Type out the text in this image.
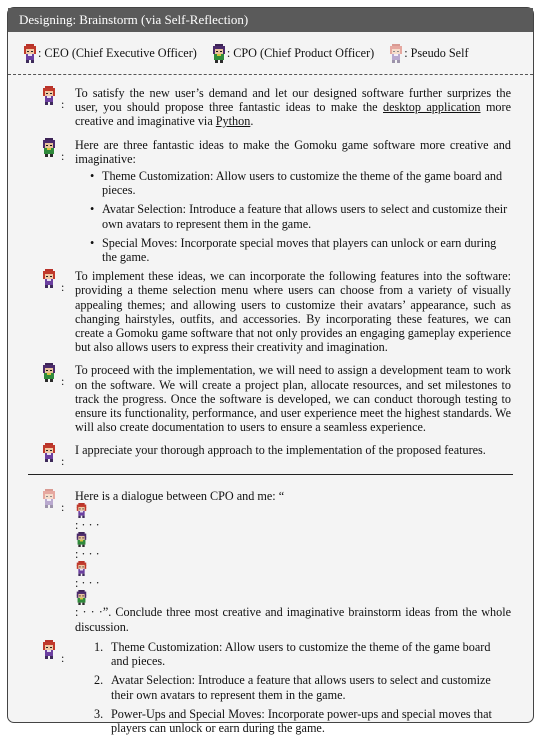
Designing: Brainstorm (via Self-Reflection)
: CEO (Chief Executive Officer) : CPO (Chief Product Officer) : Pseudo Self
:

To satisfy the new user’s demand and let our designed software further surprizes the user, you should propose three fantastic ideas to make the desktop application more creative and imaginative via Python.

:

Here are three fantastic ideas to make the Gomoku game software more creative and imaginative:

• Theme Customization: Allow users to customize the theme of the game board and pieces.
• Avatar Selection: Introduce a feature that allows users to select and customize their own avatars to represent them in the game.
• Special Moves: Incorporate special moves that players can unlock or earn during the game.
:

To implement these ideas, we can incorporate the following features into the software: providing a theme selection menu where users can choose from a variety of visually appealing themes; and allowing users to customize their avatars’ appearance, such as changing hairstyles, outfits, and accessories. By incorporating these features, we can create a Gomoku game software that not only provides an engaging gameplay experience but also allows users to express their creativity and imagination.

:

To proceed with the implementation, we will need to assign a development team to work on the software. We will create a project plan, allocate resources, and set milestones to track the progress. Once the software is developed, we can conduct thorough testing to ensure its functionality, performance, and user experience meet the highest standards. We will also create documentation to users to ensure a seamless experience.

:

I appreciate your thorough approach to the implementation of the proposed features.

:

Here is a dialogue between CPO and me: “
: · · ·
: · · ·
: · · ·
: · · ·”. Conclude three most creative and imaginative brainstorm ideas from the whole discussion.

:
1. Theme Customization: Allow users to customize the theme of the game board and pieces.
2. Avatar Selection: Introduce a feature that allows users to select and customize their own avatars to represent them in the game.
3. Power-Ups and Special Moves: Incorporate power-ups and special moves that players can unlock or earn during the game.
